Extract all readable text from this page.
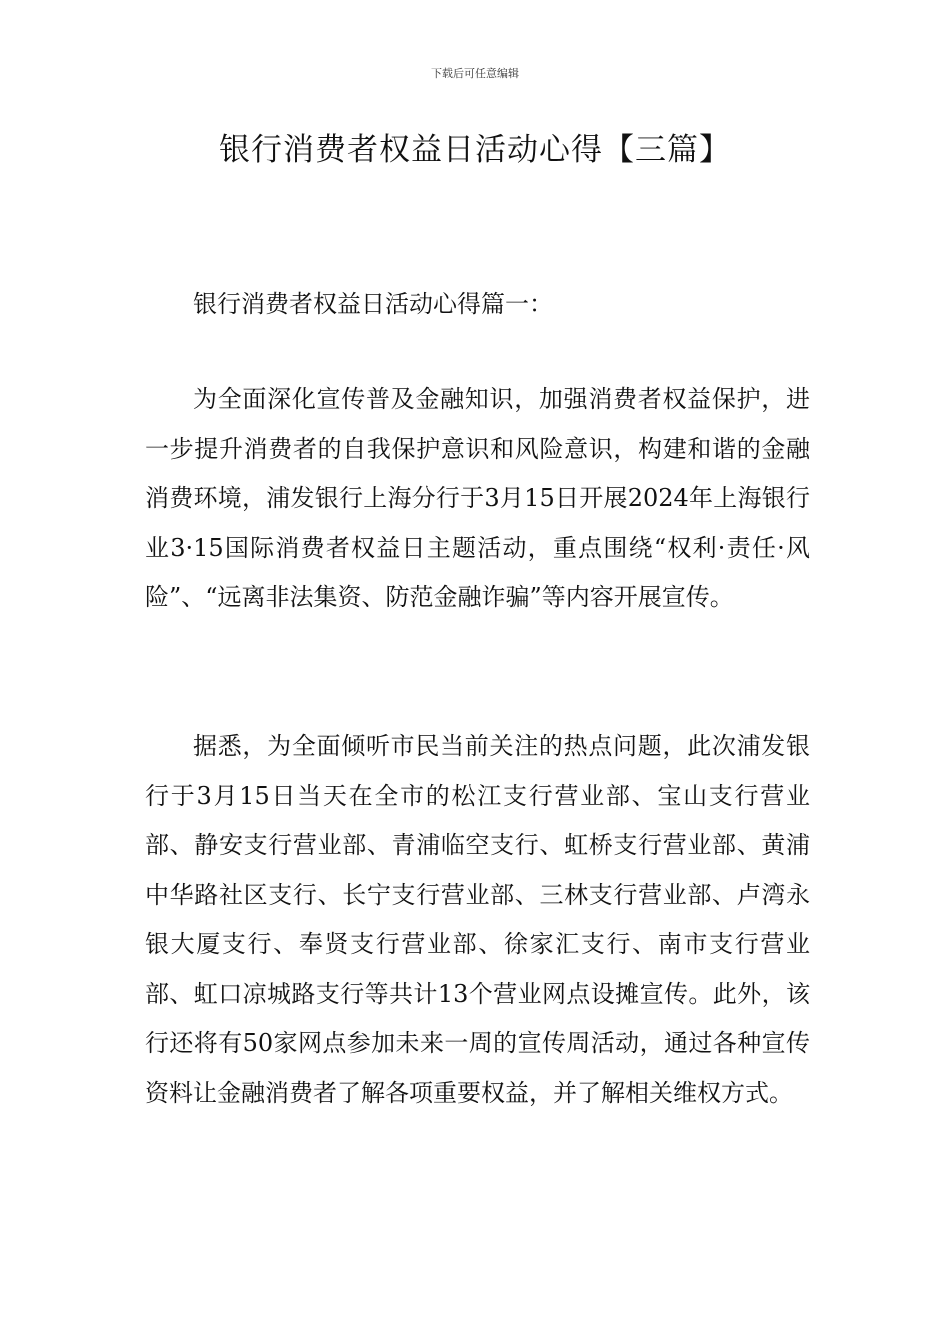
下载后可任意编辑
银行消费者权益日活动心得【三篇】

银行消费者权益日活动心得篇一：

为全面深化宣传普及金融知识，加强消费者权益保护，进一步提升消费者的自我保护意识和风险意识，构建和谐的金融消费环境，浦发银行上海分行于3月15日开展2024年上海银行业3·15国际消费者权益日主题活动，重点围绕“权利·责任·风险”、“远离非法集资、防范金融诈骗”等内容开展宣传。

据悉，为全面倾听市民当前关注的热点问题，此次浦发银行于3月15日当天在全市的松江支行营业部、宝山支行营业部、静安支行营业部、青浦临空支行、虹桥支行营业部、黄浦中华路社区支行、长宁支行营业部、三林支行营业部、卢湾永银大厦支行、奉贤支行营业部、徐家汇支行、南市支行营业部、虹口凉城路支行等共计13个营业网点设摊宣传。此外，该行还将有50家网点参加未来一周的宣传周活动，通过各种宣传资料让金融消费者了解各项重要权益，并了解相关维权方式。
